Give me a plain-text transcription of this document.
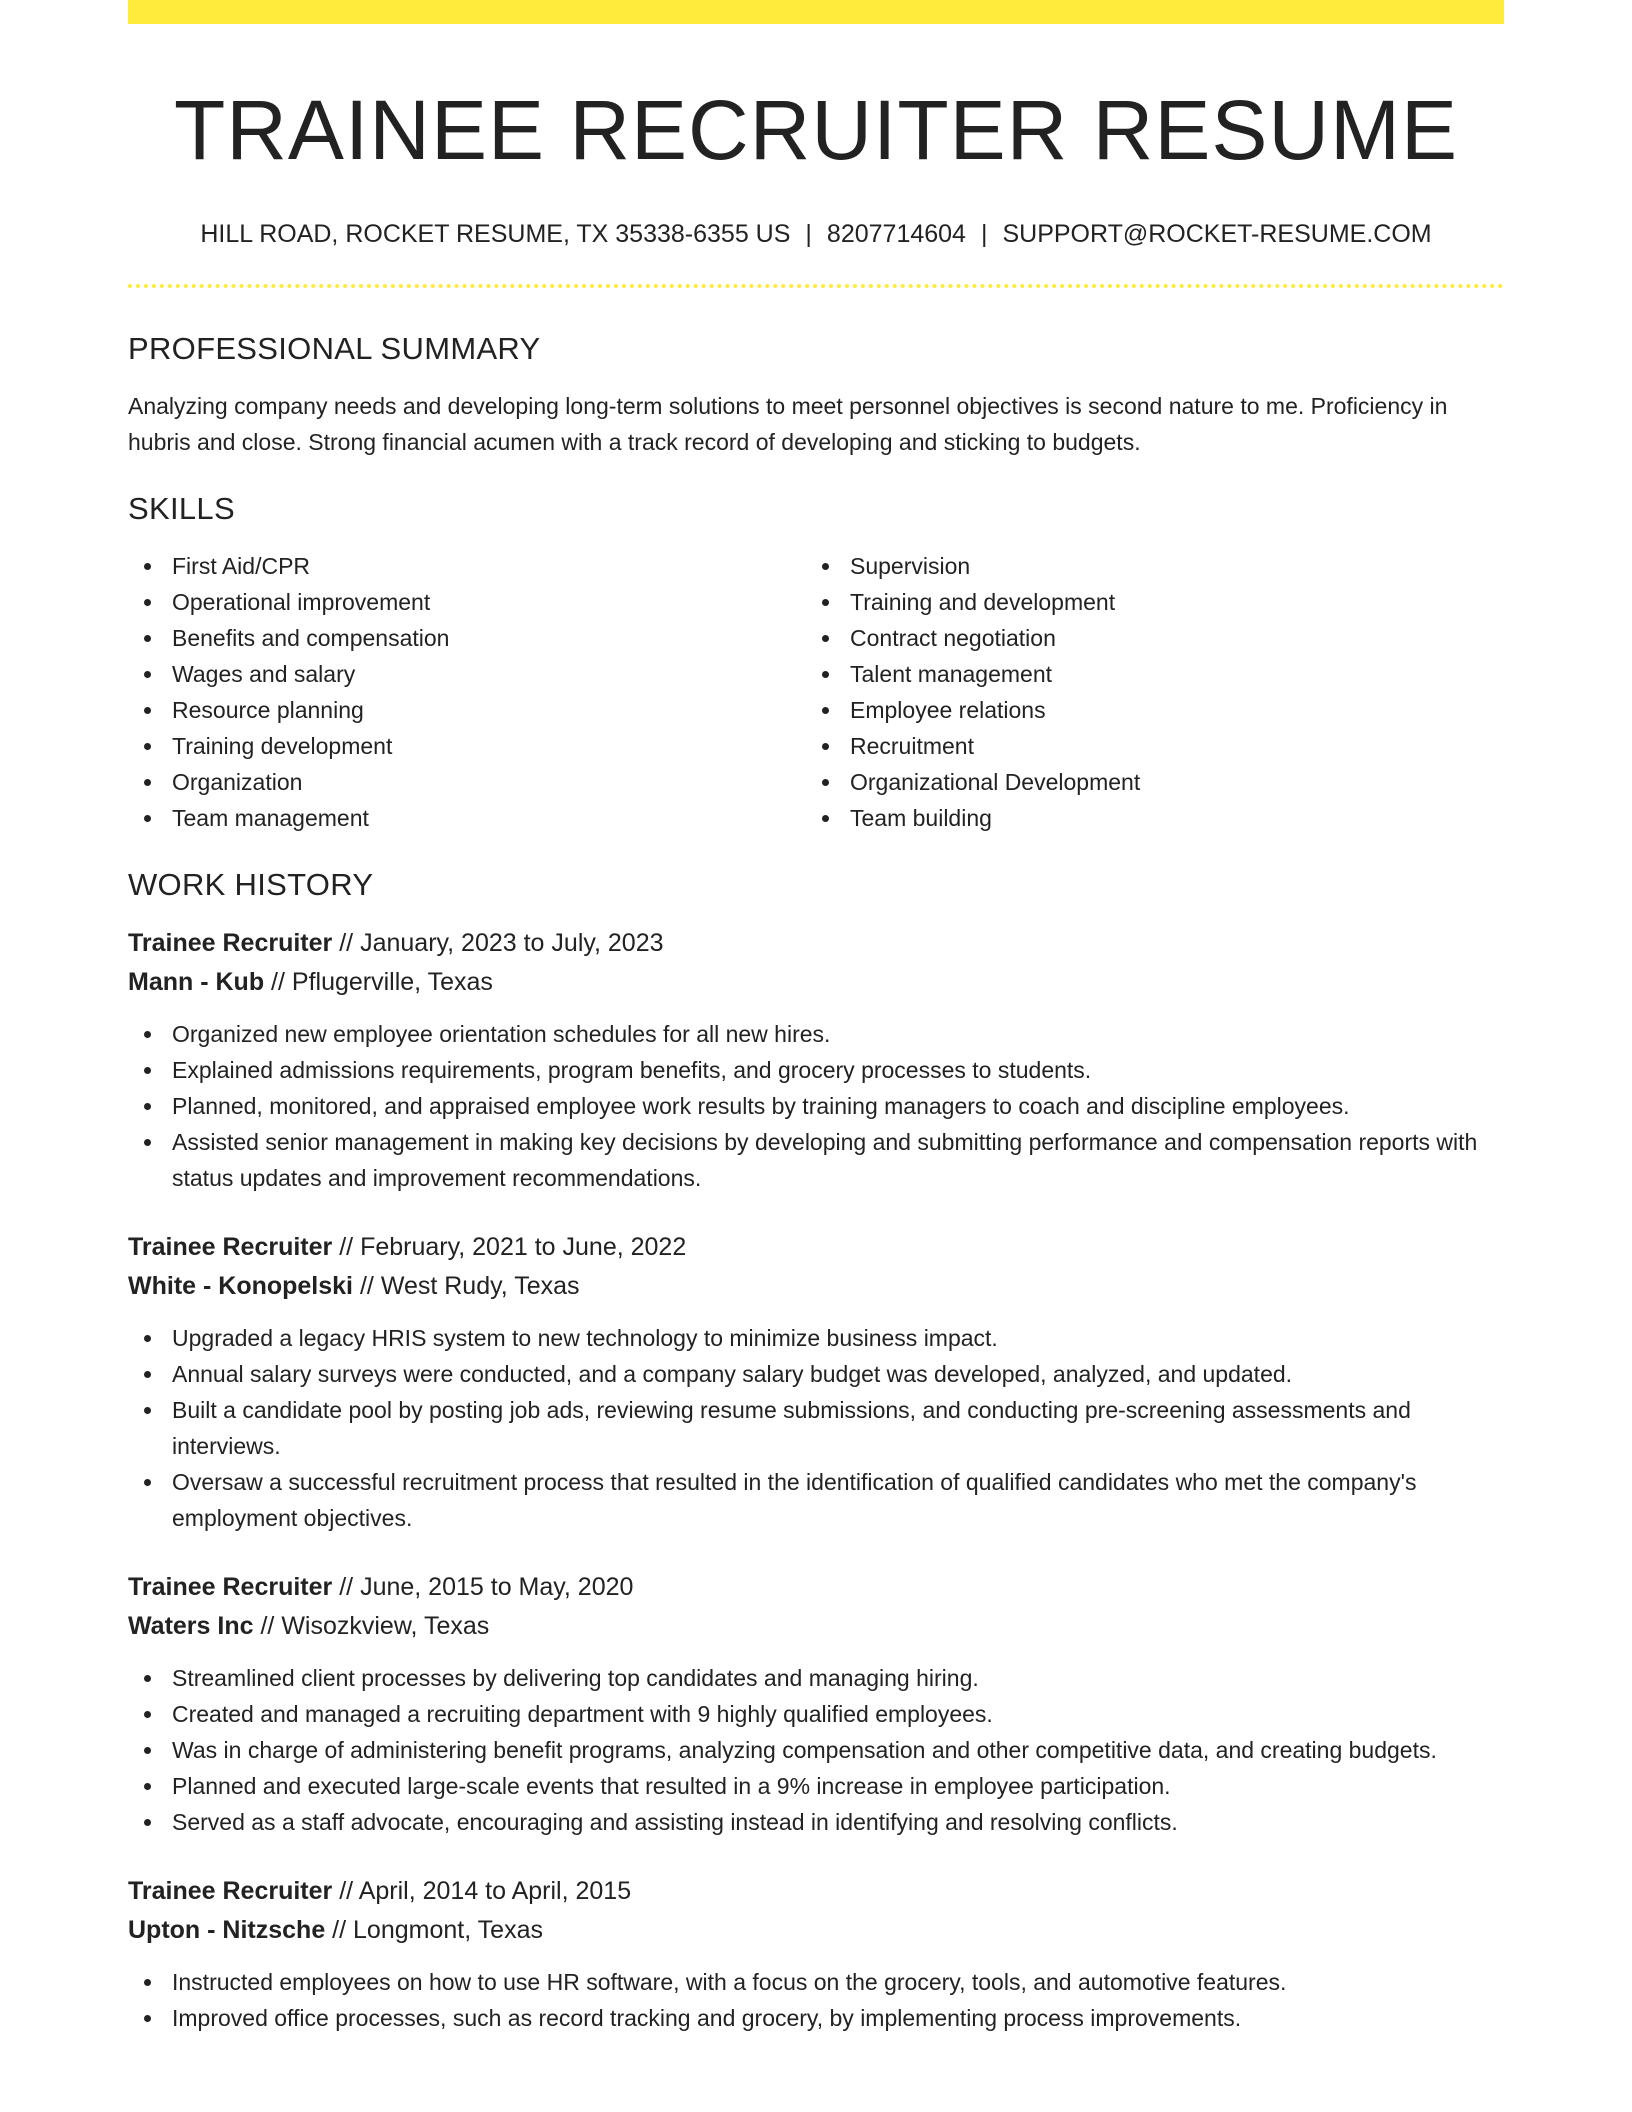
TRAINEE RECRUITER RESUME
HILL ROAD, ROCKET RESUME, TX 35338-6355 US | 8207714604 | SUPPORT@ROCKET-RESUME.COM
PROFESSIONAL SUMMARY

Analyzing company needs and developing long-term solutions to meet personnel objectives is second nature to me. Proficiency in hubris and close. Strong financial acumen with a track record of developing and sticking to budgets.

SKILLS
First Aid/CPR
Operational improvement
Benefits and compensation
Wages and salary
Resource planning
Training development
Organization
Team management
Supervision
Training and development
Contract negotiation
Talent management
Employee relations
Recruitment
Organizational Development
Team building
WORK HISTORY
Trainee Recruiter // January, 2023 to July, 2023
Mann - Kub // Pflugerville, Texas
Organized new employee orientation schedules for all new hires.
Explained admissions requirements, program benefits, and grocery processes to students.
Planned, monitored, and appraised employee work results by training managers to coach and discipline employees.
Assisted senior management in making key decisions by developing and submitting performance and compensation reports with status updates and improvement recommendations.
Trainee Recruiter // February, 2021 to June, 2022
White - Konopelski // West Rudy, Texas
Upgraded a legacy HRIS system to new technology to minimize business impact.
Annual salary surveys were conducted, and a company salary budget was developed, analyzed, and updated.
Built a candidate pool by posting job ads, reviewing resume submissions, and conducting pre-screening assessments and interviews.
Oversaw a successful recruitment process that resulted in the identification of qualified candidates who met the company's employment objectives.
Trainee Recruiter // June, 2015 to May, 2020
Waters Inc // Wisozkview, Texas
Streamlined client processes by delivering top candidates and managing hiring.
Created and managed a recruiting department with 9 highly qualified employees.
Was in charge of administering benefit programs, analyzing compensation and other competitive data, and creating budgets.
Planned and executed large-scale events that resulted in a 9% increase in employee participation.
Served as a staff advocate, encouraging and assisting instead in identifying and resolving conflicts.
Trainee Recruiter // April, 2014 to April, 2015
Upton - Nitzsche // Longmont, Texas
Instructed employees on how to use HR software, with a focus on the grocery, tools, and automotive features.
Improved office processes, such as record tracking and grocery, by implementing process improvements.
